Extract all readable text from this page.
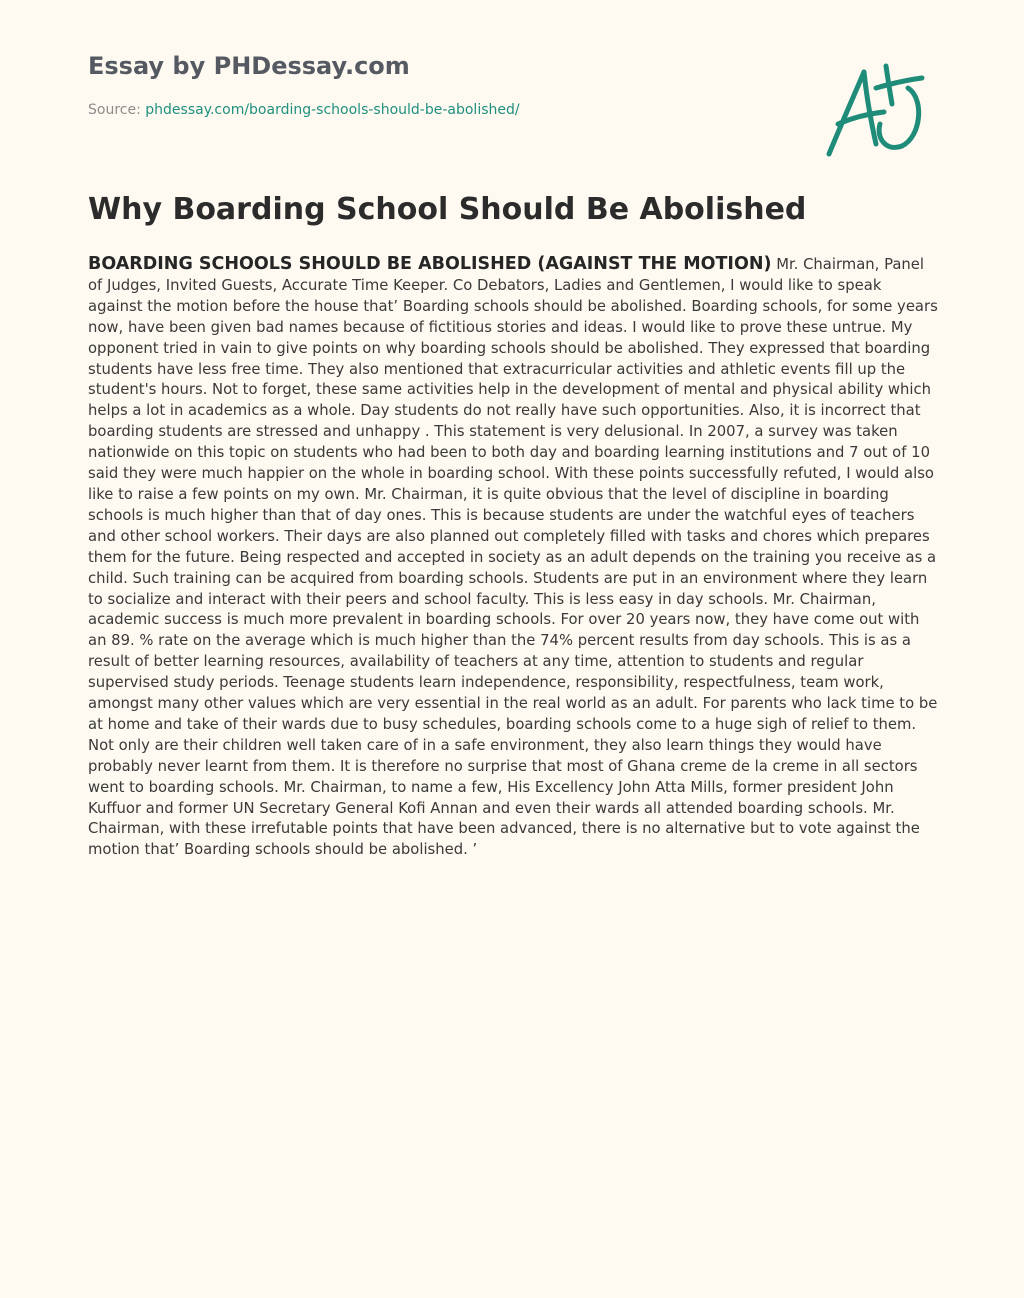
Essay by PHDessay.com
Source: phdessay.com/boarding-schools-should-be-abolished/
Why Boarding School Should Be Abolished

BOARDING SCHOOLS SHOULD BE ABOLISHED (AGAINST THE MOTION) Mr. Chairman, Panel of Judges, Invited Guests, Accurate Time Keeper. Co Debators, Ladies and Gentlemen, I would like to speak against the motion before the house that’ Boarding schools should be abolished. Boarding schools, for some years now, have been given bad names because of fictitious stories and ideas. I would like to prove these untrue. My opponent tried in vain to give points on why boarding schools should be abolished. They expressed that boarding students have less free time. They also mentioned that extracurricular activities and athletic events fill up the student's hours. Not to forget, these same activities help in the development of mental and physical ability which helps a lot in academics as a whole. Day students do not really have such opportunities. Also, it is incorrect that boarding students are stressed and unhappy . This statement is very delusional. In 2007, a survey was taken nationwide on this topic on students who had been to both day and boarding learning institutions and 7 out of 10 said they were much happier on the whole in boarding school. With these points successfully refuted, I would also like to raise a few points on my own. Mr. Chairman, it is quite obvious that the level of discipline in boarding schools is much higher than that of day ones. This is because students are under the watchful eyes of teachers and other school workers. Their days are also planned out completely filled with tasks and chores which prepares them for the future. Being respected and accepted in society as an adult depends on the training you receive as a child. Such training can be acquired from boarding schools. Students are put in an environment where they learn to socialize and interact with their peers and school faculty. This is less easy in day schools. Mr. Chairman, academic success is much more prevalent in boarding schools. For over 20 years now, they have come out with an 89. % rate on the average which is much higher than the 74% percent results from day schools. This is as a result of better learning resources, availability of teachers at any time, attention to students and regular supervised study periods. Teenage students learn independence, responsibility, respectfulness, team work, amongst many other values which are very essential in the real world as an adult. For parents who lack time to be at home and take of their wards due to busy schedules, boarding schools come to a huge sigh of relief to them. Not only are their children well taken care of in a safe environment, they also learn things they would have probably never learnt from them. It is therefore no surprise that most of Ghana creme de la creme in all sectors went to boarding schools. Mr. Chairman, to name a few, His Excellency John Atta Mills, former president John Kuffuor and former UN Secretary General Kofi Annan and even their wards all attended boarding schools. Mr. Chairman, with these irrefutable points that have been advanced, there is no alternative but to vote against the motion that’ Boarding schools should be abolished. ’
